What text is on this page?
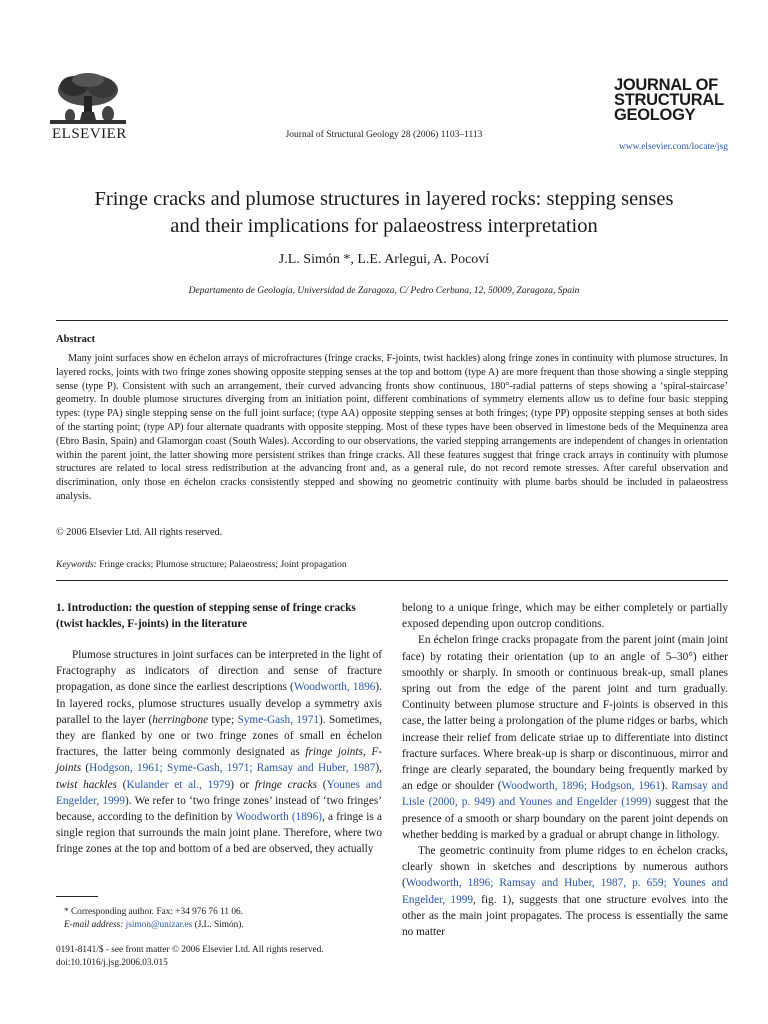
ELSEVIER	Journal of Structural Geology 28 (2006) 1103–1113
JOURNAL OF
STRUCTURAL
GEOLOGY
www.elsevier.com/locate/jsg
Fringe cracks and plumose structures in layered rocks: stepping senses
and their implications for palaeostress interpretation
J.L. Simón *, L.E. Arlegui, A. Pocoví
Departamento de Geología, Universidad de Zaragoza, C/ Pedro Cerbuna, 12, 50009, Zaragoza, Spain
Abstract
Many joint surfaces show en échelon arrays of microfractures (fringe cracks, F-joints, twist hackles) along fringe zones in continuity with plumose structures. In layered rocks, joints with two fringe zones showing opposite stepping senses at the top and bottom (type A) are more frequent than those showing a single stepping sense (type P). Consistent with such an arrangement, their curved advancing fronts show continuous, 180°-radial patterns of steps showing a ‘spiral-staircase’ geometry. In double plumose structures diverging from an initiation point, different combinations of symmetry elements allow us to define four basic stepping types: (type PA) single stepping sense on the full joint surface; (type AA) opposite stepping senses at both fringes; (type PP) opposite stepping senses at both sides of the starting point; (type AP) four alternate quadrants with opposite stepping. Most of these types have been observed in limestone beds of the Mequinenza area (Ebro Basin, Spain) and Glamorgan coast (South Wales). According to our observations, the varied stepping arrangements are independent of changes in orientation within the parent joint, the latter showing more persistent strikes than fringe cracks. All these features suggest that fringe crack arrays in continuity with plumose structures are related to local stress redistribution at the advancing front and, as a general rule, do not record remote stresses. After careful observation and discrimination, only those en échelon cracks consistently stepped and showing no geometric continuity with plume barbs should be included in palaeostress analysis.
© 2006 Elsevier Ltd. All rights reserved.
Keywords: Fringe cracks; Plumose structure; Palaeostress; Joint propagation
1. Introduction: the question of stepping sense of fringe cracks (twist hackles, F-joints) in the literature
Plumose structures in joint surfaces can be interpreted in the light of Fractography as indicators of direction and sense of fracture propagation, as done since the earliest descriptions (Woodworth, 1896). In layered rocks, plumose structures usually develop a symmetry axis parallel to the layer (herringbone type; Syme-Gash, 1971). Sometimes, they are flanked by one or two fringe zones of small en échelon fractures, the latter being commonly designated as fringe joints, F-joints (Hodgson, 1961; Syme-Gash, 1971; Ramsay and Huber, 1987), twist hackles (Kulander et al., 1979) or fringe cracks (Younes and Engelder, 1999). We refer to ‘two fringe zones’ instead of ‘two fringes’ because, according to the definition by Woodworth (1896), a fringe is a single region that surrounds the main joint plane. Therefore, where two fringe zones at the top and bottom of a bed are observed, they actually
* Corresponding author. Fax: +34 976 76 11 06.
E-mail address: jsimon@unizar.es (J.L. Simón).
0191-8141/$ - see front matter © 2006 Elsevier Ltd. All rights reserved.
doi:10.1016/j.jsg.2006.03.015
belong to a unique fringe, which may be either completely or partially exposed depending upon outcrop conditions.
En échelon fringe cracks propagate from the parent joint (main joint face) by rotating their orientation (up to an angle of 5–30°) either smoothly or sharply. In smooth or continuous break-up, small planes spring out from the edge of the parent joint and turn gradually. Continuity between plumose structure and F-joints is observed in this case, the latter being a prolongation of the plume ridges or barbs, which increase their relief from delicate striae up to differentiate into distinct fracture surfaces. Where break-up is sharp or discontinuous, mirror and fringe are clearly separated, the boundary being frequently marked by an edge or shoulder (Woodworth, 1896; Hodgson, 1961). Ramsay and Lisle (2000, p. 949) and Younes and Engelder (1999) suggest that the presence of a smooth or sharp boundary on the parent joint depends on whether bedding is marked by a gradual or abrupt change in lithology.
The geometric continuity from plume ridges to en échelon cracks, clearly shown in sketches and descriptions by numerous authors (Woodworth, 1896; Ramsay and Huber, 1987, p. 659; Younes and Engelder, 1999, fig. 1), suggests that one structure evolves into the other as the main joint propagates. The process is essentially the same no matter
